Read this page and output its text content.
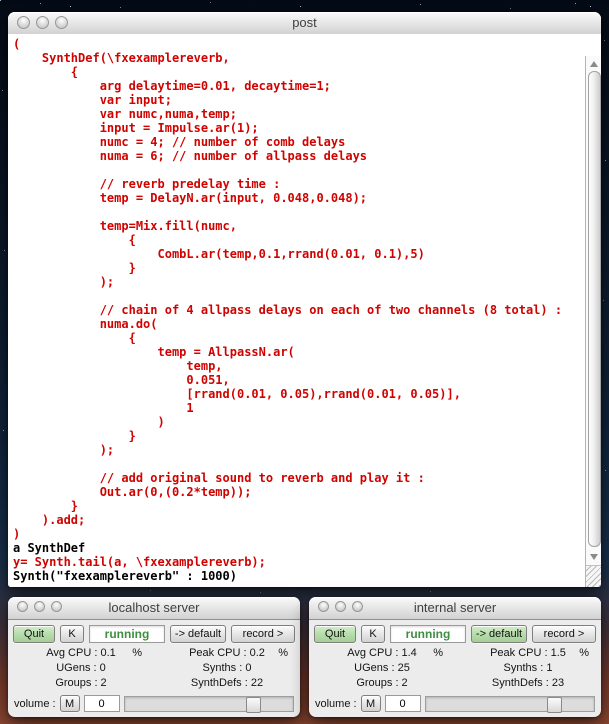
post
(
	SynthDef(\fxexamplereverb,
		{
			arg delaytime=0.01, decaytime=1;
			var input;
			var numc,numa,temp;
			input = Impulse.ar(1);
			numc = 4; // number of comb delays
			numa = 6; // number of allpass delays
			// reverb predelay time :
			temp = DelayN.ar(input, 0.048,0.048);
			temp=Mix.fill(numc,
				{
					CombL.ar(temp,0.1,rrand(0.01, 0.1),5)
				}
			);
			// chain of 4 allpass delays on each of two channels (8 total) :
			numa.do(
				{
					temp = AllpassN.ar(
						temp,
						0.051,
						[rrand(0.01, 0.05),rrand(0.01, 0.05)],
						1
					)
				}
			);
			// add original sound to reverb and play it :
			Out.ar(0,(0.2*temp));
		}
	).add;
)
a SynthDef
y= Synth.tail(a, \fxexamplereverb);
Synth("fxexamplereverb" : 1000)
localhost server
Quit	K	running	-> default	record >
Avg CPU : 0.1 %	Peak CPU : 0.2 %
UGens : 0	Synths : 0
Groups : 2	SynthDefs : 22
volume : M	0
internal server
Quit	K	running	-> default	record >
Avg CPU : 1.4 %	Peak CPU : 1.5 %
UGens : 25	Synths : 1
Groups : 2	SynthDefs : 23
volume : M	0
